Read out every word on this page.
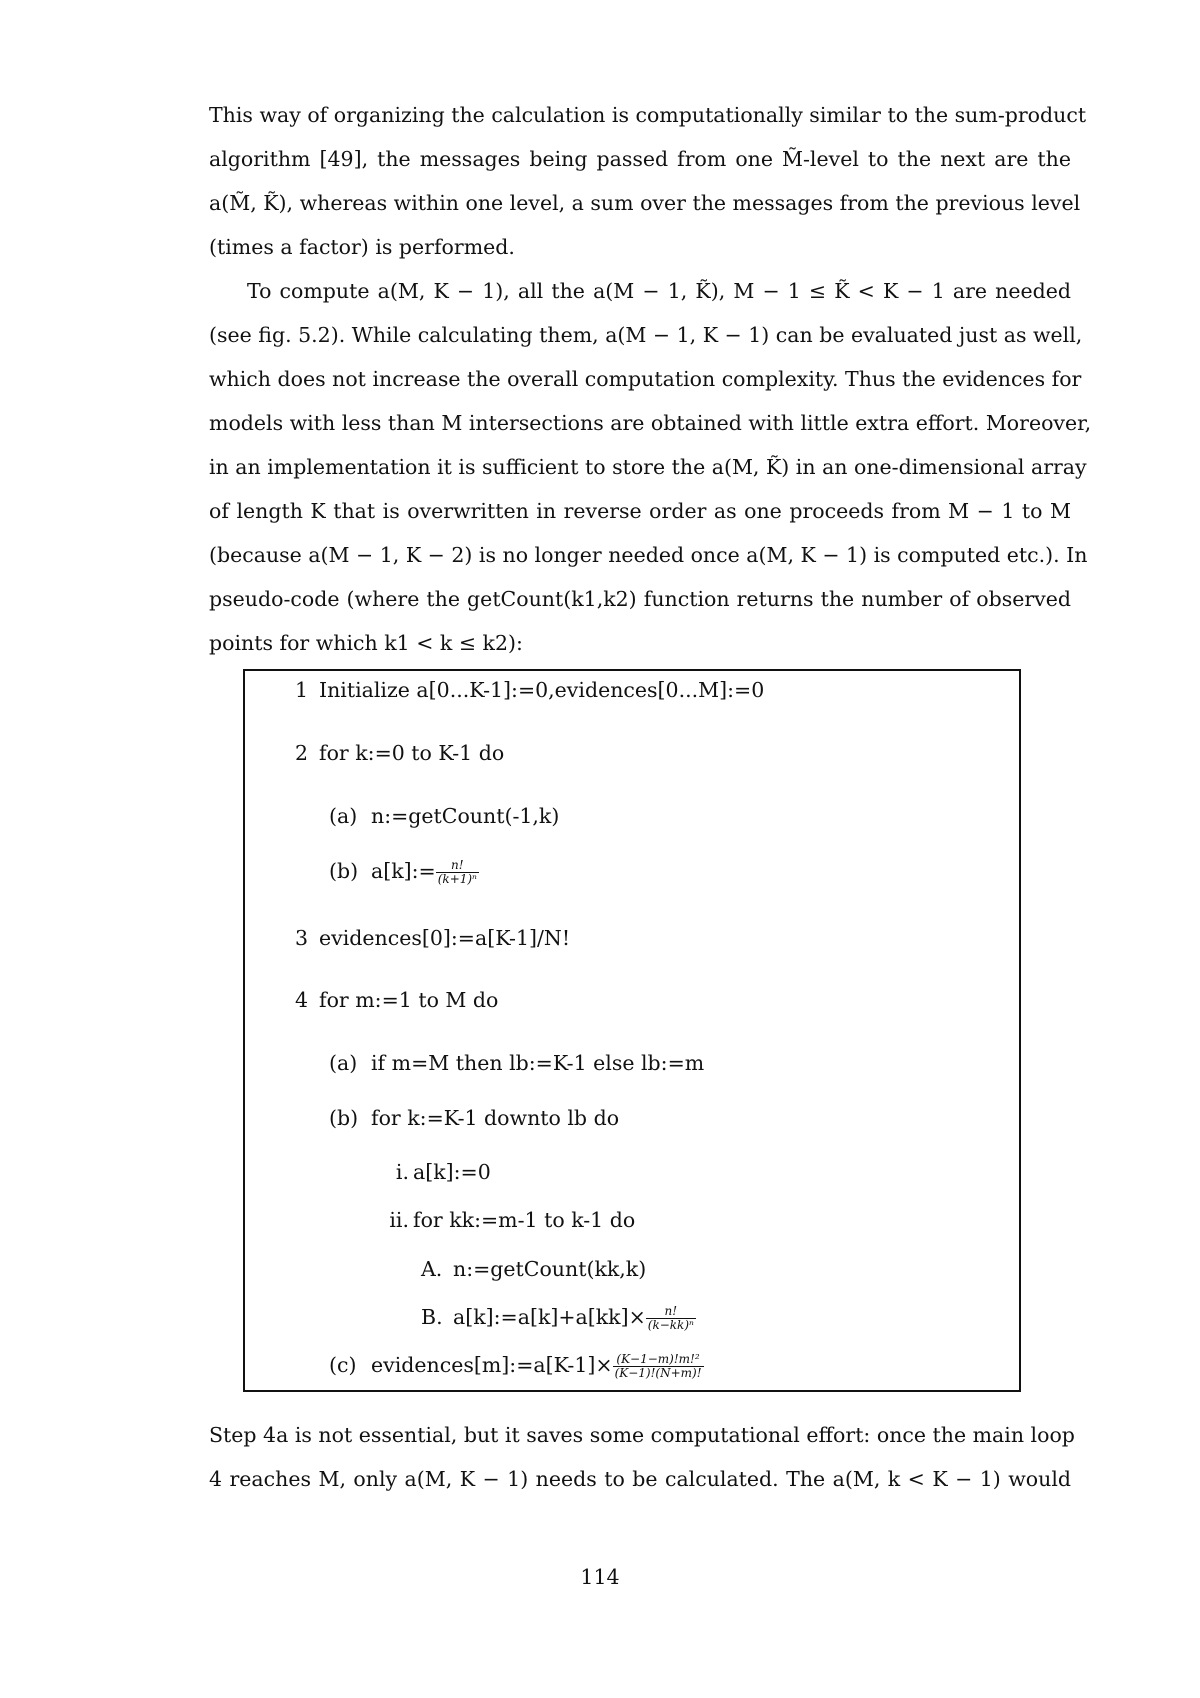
This way of organizing the calculation is computationally similar to the sum-product
algorithm [49], the messages being passed from one M̃-level to the next are the
a(M̃, K̃), whereas within one level, a sum over the messages from the previous level
(times a factor) is performed.
To compute a(M, K − 1), all the a(M − 1, K̃), M − 1 ≤ K̃ < K − 1 are needed
(see fig. 5.2). While calculating them, a(M − 1, K − 1) can be evaluated just as well,
which does not increase the overall computation complexity. Thus the evidences for
models with less than M intersections are obtained with little extra effort. Moreover,
in an implementation it is sufficient to store the a(M, K̃) in an one-dimensional array
of length K that is overwritten in reverse order as one proceeds from M − 1 to M
(because a(M − 1, K − 2) is no longer needed once a(M, K − 1) is computed etc.). In
pseudo-code (where the getCount(k1,k2) function returns the number of observed
points for which k1 < k ≤ k2):
1 Initialize a[0...K-1]:=0,evidences[0...M]:=0
2 for k:=0 to K-1 do
(a) n:=getCount(-1,k)
(b) a[k]:= $\frac{n!}{\text{(k+1)ⁿ}}$
3 evidences[0]:=a[K-1]/N!
4 for m:=1 to M do
(a) if m=M then lb:=K-1 else lb:=m
(b) for k:=K-1 downto lb do
i. a[k]:=0
ii. for kk:=m-1 to k-1 do
A. n:=getCount(kk,k)
B. a[k]:=a[k]+a[kk]× $\frac{n!}{\text{(k−kk)ⁿ}}$
(c) evidences[m]:=a[K-1]× $\frac{\text{(K−1−m)!m!²}}{(K-1)!(N+m)!}$
Step 4a is not essential, but it saves some computational effort: once the main loop
4 reaches M, only a(M, K − 1) needs to be calculated. The a(M, k < K − 1) would
114
